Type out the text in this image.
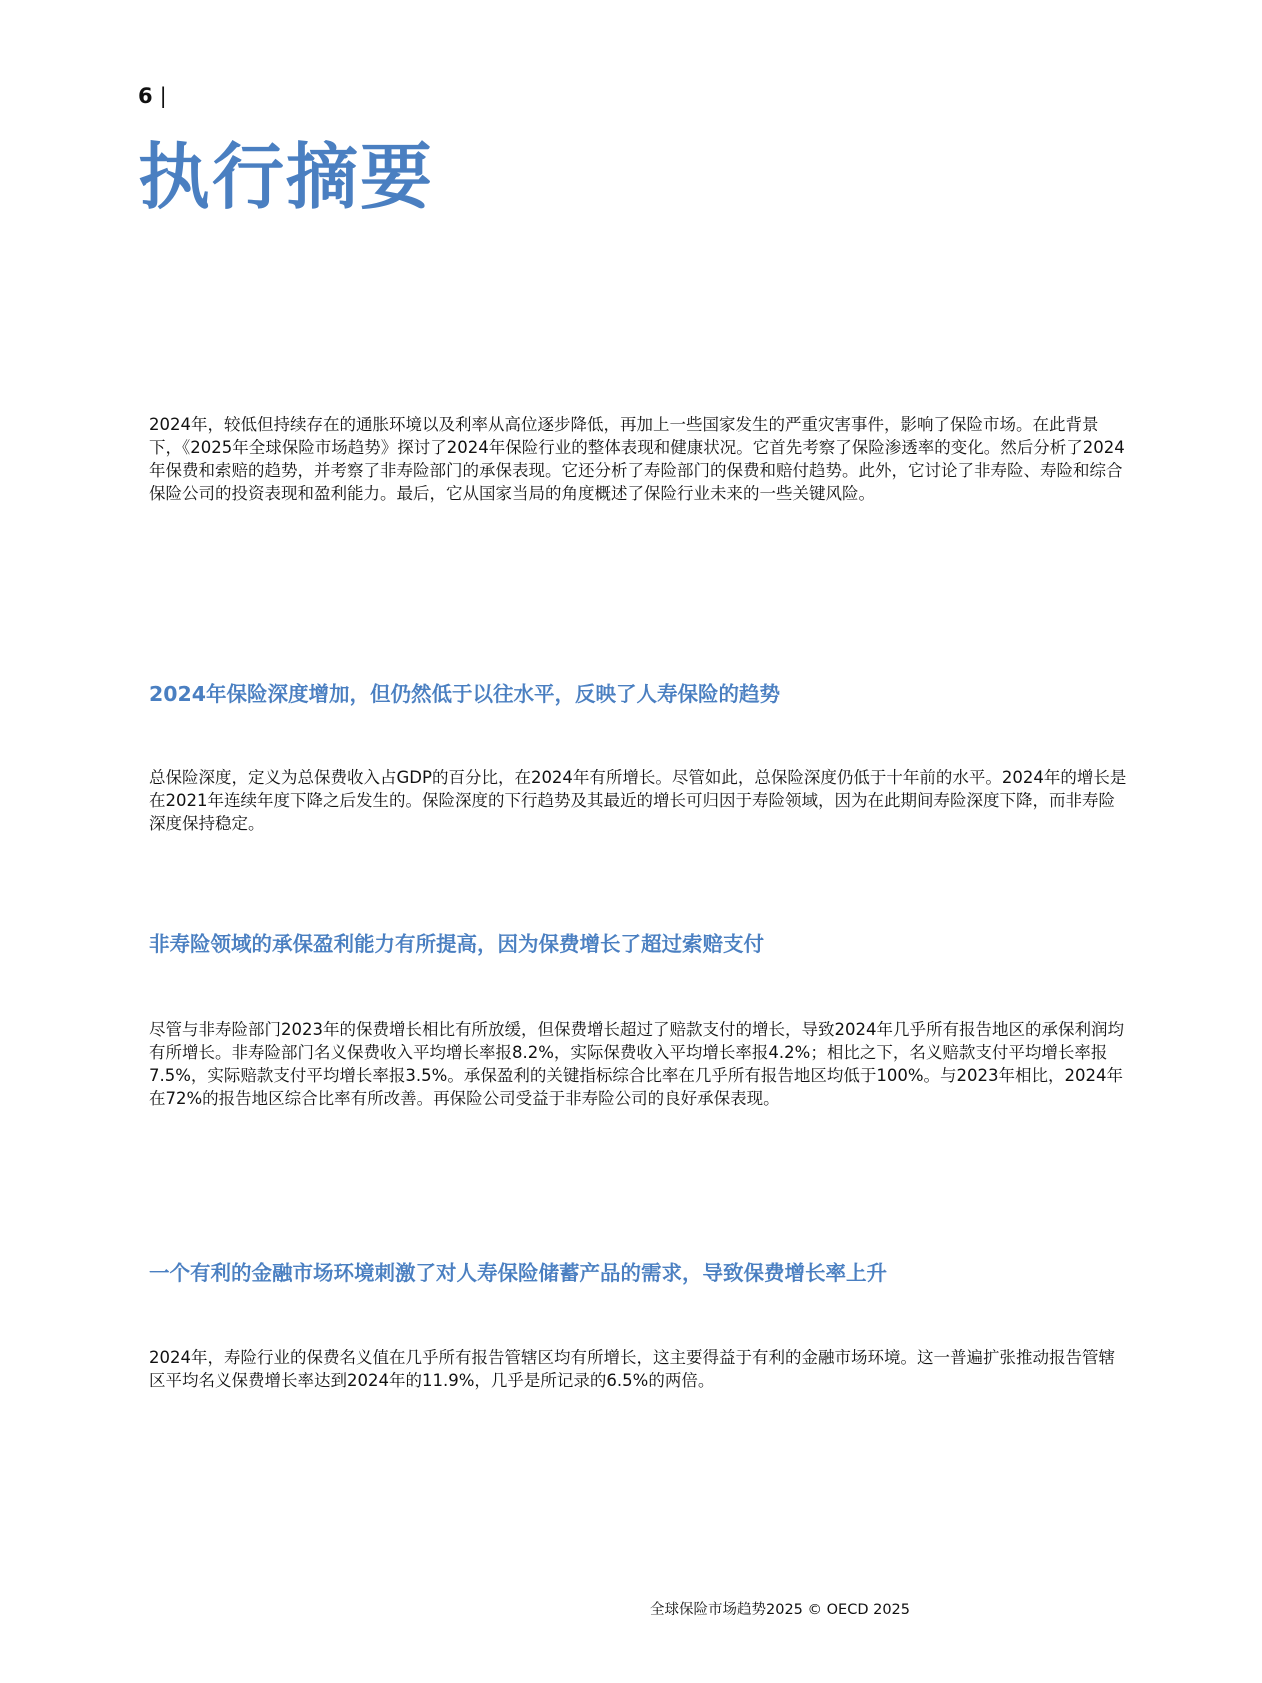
6 |
执行摘要

2024年，较低但持续存在的通胀环境以及利率从高位逐步降低，再加上一些国家发生的严重灾害事件，影响了保险市场。在此背景下，《2025年全球保险市场趋势》探讨了2024年保险行业的整体表现和健康状况。它首先考察了保险渗透率的变化。然后分析了2024年保费和索赔的趋势，并考察了非寿险部门的承保表现。它还分析了寿险部门的保费和赔付趋势。此外，它讨论了非寿险、寿险和综合保险公司的投资表现和盈利能力。最后，它从国家当局的角度概述了保险行业未来的一些关键风险。

2024年保险深度增加，但仍然低于以往水平，反映了人寿保险的趋势

总保险深度，定义为总保费收入占GDP的百分比，在2024年有所增长。尽管如此，总保险深度仍低于十年前的水平。2024年的增长是在2021年连续年度下降之后发生的。保险深度的下行趋势及其最近的增长可归因于寿险领域，因为在此期间寿险深度下降，而非寿险深度保持稳定。

非寿险领域的承保盈利能力有所提高，因为保费增长了超过索赔支付

尽管与非寿险部门2023年的保费增长相比有所放缓，但保费增长超过了赔款支付的增长，导致2024年几乎所有报告地区的承保利润均有所增长。非寿险部门名义保费收入平均增长率报8.2%，实际保费收入平均增长率报4.2%；相比之下，名义赔款支付平均增长率报7.5%，实际赔款支付平均增长率报3.5%。承保盈利的关键指标综合比率在几乎所有报告地区均低于100%。与2023年相比，2024年在72%的报告地区综合比率有所改善。再保险公司受益于非寿险公司的良好承保表现。

一个有利的金融市场环境刺激了对人寿保险储蓄产品的需求，导致保费增长率上升

2024年，寿险行业的保费名义值在几乎所有报告管辖区均有所增长，这主要得益于有利的金融市场环境。这一普遍扩张推动报告管辖区平均名义保费增长率达到2024年的11.9%，几乎是所记录的6.5%的两倍。

全球保险市场趋势2025 © OECD 2025
